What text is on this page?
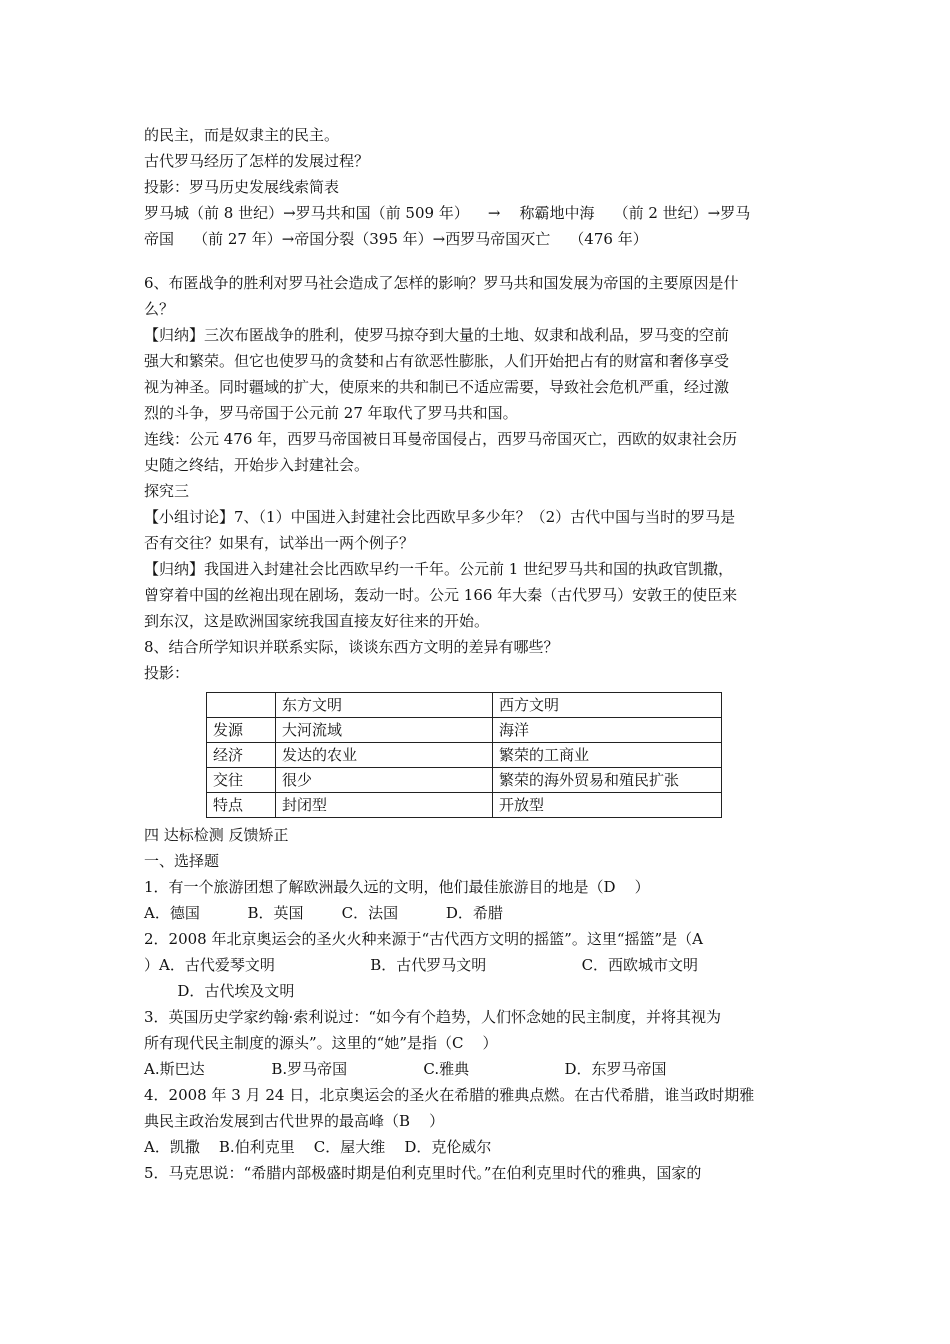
的民主，而是奴隶主的民主。

古代罗马经历了怎样的发展过程？

投影：罗马历史发展线索简表

罗马城（前 8 世纪）→罗马共和国（前 509 年）    →    称霸地中海    （前 2 世纪）→罗马

帝国    （前 27 年）→帝国分裂（395 年）→西罗马帝国灭亡    （476 年）

6、布匿战争的胜利对罗马社会造成了怎样的影响？罗马共和国发展为帝国的主要原因是什

么？

【归纳】三次布匿战争的胜利，使罗马掠夺到大量的土地、奴隶和战利品，罗马变的空前

强大和繁荣。但它也使罗马的贪婪和占有欲恶性膨胀，人们开始把占有的财富和奢侈享受

视为神圣。同时疆域的扩大，使原来的共和制已不适应需要，导致社会危机严重，经过激

烈的斗争，罗马帝国于公元前 27 年取代了罗马共和国。

连线：公元 476 年，西罗马帝国被日耳曼帝国侵占，西罗马帝国灭亡，西欧的奴隶社会历

史随之终结，开始步入封建社会。

探究三

【小组讨论】7、（1）中国进入封建社会比西欧早多少年？（2）古代中国与当时的罗马是

否有交往？如果有，试举出一两个例子？

【归纳】我国进入封建社会比西欧早约一千年。公元前 1 世纪罗马共和国的执政官凯撒，

曾穿着中国的丝袍出现在剧场，轰动一时。公元 166 年大秦（古代罗马）安敦王的使臣来

到东汉，这是欧洲国家统我国直接友好往来的开始。

8、结合所学知识并联系实际，谈谈东西方文明的差异有哪些？

投影：

	东方文明	西方文明
发源	大河流域	海洋
经济	发达的农业	繁荣的工商业
交往	很少	繁荣的海外贸易和殖民扩张
特点	封闭型	开放型

四 达标检测 反馈矫正

一、选择题

1．有一个旅游团想了解欧洲最久远的文明，他们最佳旅游目的地是（D    ）

A．德国          B．英国        C．法国          D．希腊

2．2008 年北京奥运会的圣火火种来源于“古代西方文明的摇篮”。这里“摇篮”是（A

）A．古代爱琴文明                    B．古代罗马文明                    C．西欧城市文明

D．古代埃及文明

3．英国历史学家约翰·索利说过：“如今有个趋势，人们怀念她的民主制度，并将其视为

所有现代民主制度的源头”。这里的“她”是指（C    ）

A.斯巴达              B.罗马帝国                C.雅典                    D．东罗马帝国

4．2008 年 3 月 24 日，北京奥运会的圣火在希腊的雅典点燃。在古代希腊，谁当政时期雅

典民主政治发展到古代世界的最高峰（B    ）

A．凯撒    B.伯利克里    C．屋大维    D．克伦威尔

5．马克思说：“希腊内部极盛时期是伯利克里时代。”在伯利克里时代的雅典，国家的
